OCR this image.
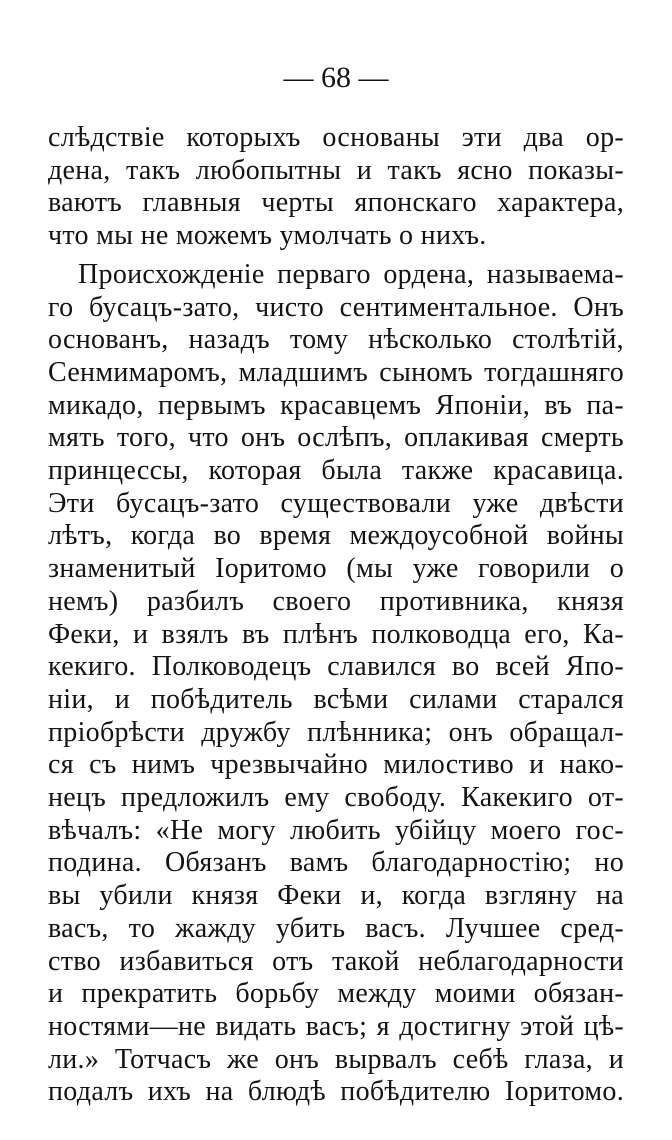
— 68 —
слѣдствіе которыхъ основаны эти два ор-
дена, такъ любопытны и такъ ясно показы-
ваютъ главныя черты японскаго характера,
что мы не можемъ умолчать о нихъ.
Происхожденіе перваго ордена, называема-
го бусацъ-зато, чисто сентиментальное. Онъ
основанъ, назадъ тому нѣсколько столѣтій,
Сенмимаромъ, младшимъ сыномъ тогдашняго
микадо, первымъ красавцемъ Японіи, въ па-
мять того, что онъ ослѣпъ, оплакивая смерть
принцессы, которая была также красавица.
Эти бусацъ-зато существовали уже двѣсти
лѣтъ, когда во время междоусобной войны
знаменитый Іоритомо (мы уже говорили о
немъ) разбилъ своего противника, князя
Феки, и взялъ въ плѣнъ полководца его, Ка-
кекиго. Полководецъ славился во всей Япо-
ніи, и побѣдитель всѣми силами старался
пріобрѣсти дружбу плѣнника; онъ обращал-
ся съ нимъ чрезвычайно милостиво и нако-
нецъ предложилъ ему свободу. Какекиго от-
вѣчалъ: «Не могу любить убійцу моего гос-
подина. Обязанъ вамъ благодарностію; но
вы убили князя Феки и, когда взгляну на
васъ, то жажду убить васъ. Лучшее сред-
ство избавиться отъ такой неблагодарности
и прекратить борьбу между моими обязан-
ностями—не видать васъ; я достигну этой цѣ-
ли.» Тотчасъ же онъ вырвалъ себѣ глаза, и
подалъ ихъ на блюдѣ побѣдителю Іоритомо.
